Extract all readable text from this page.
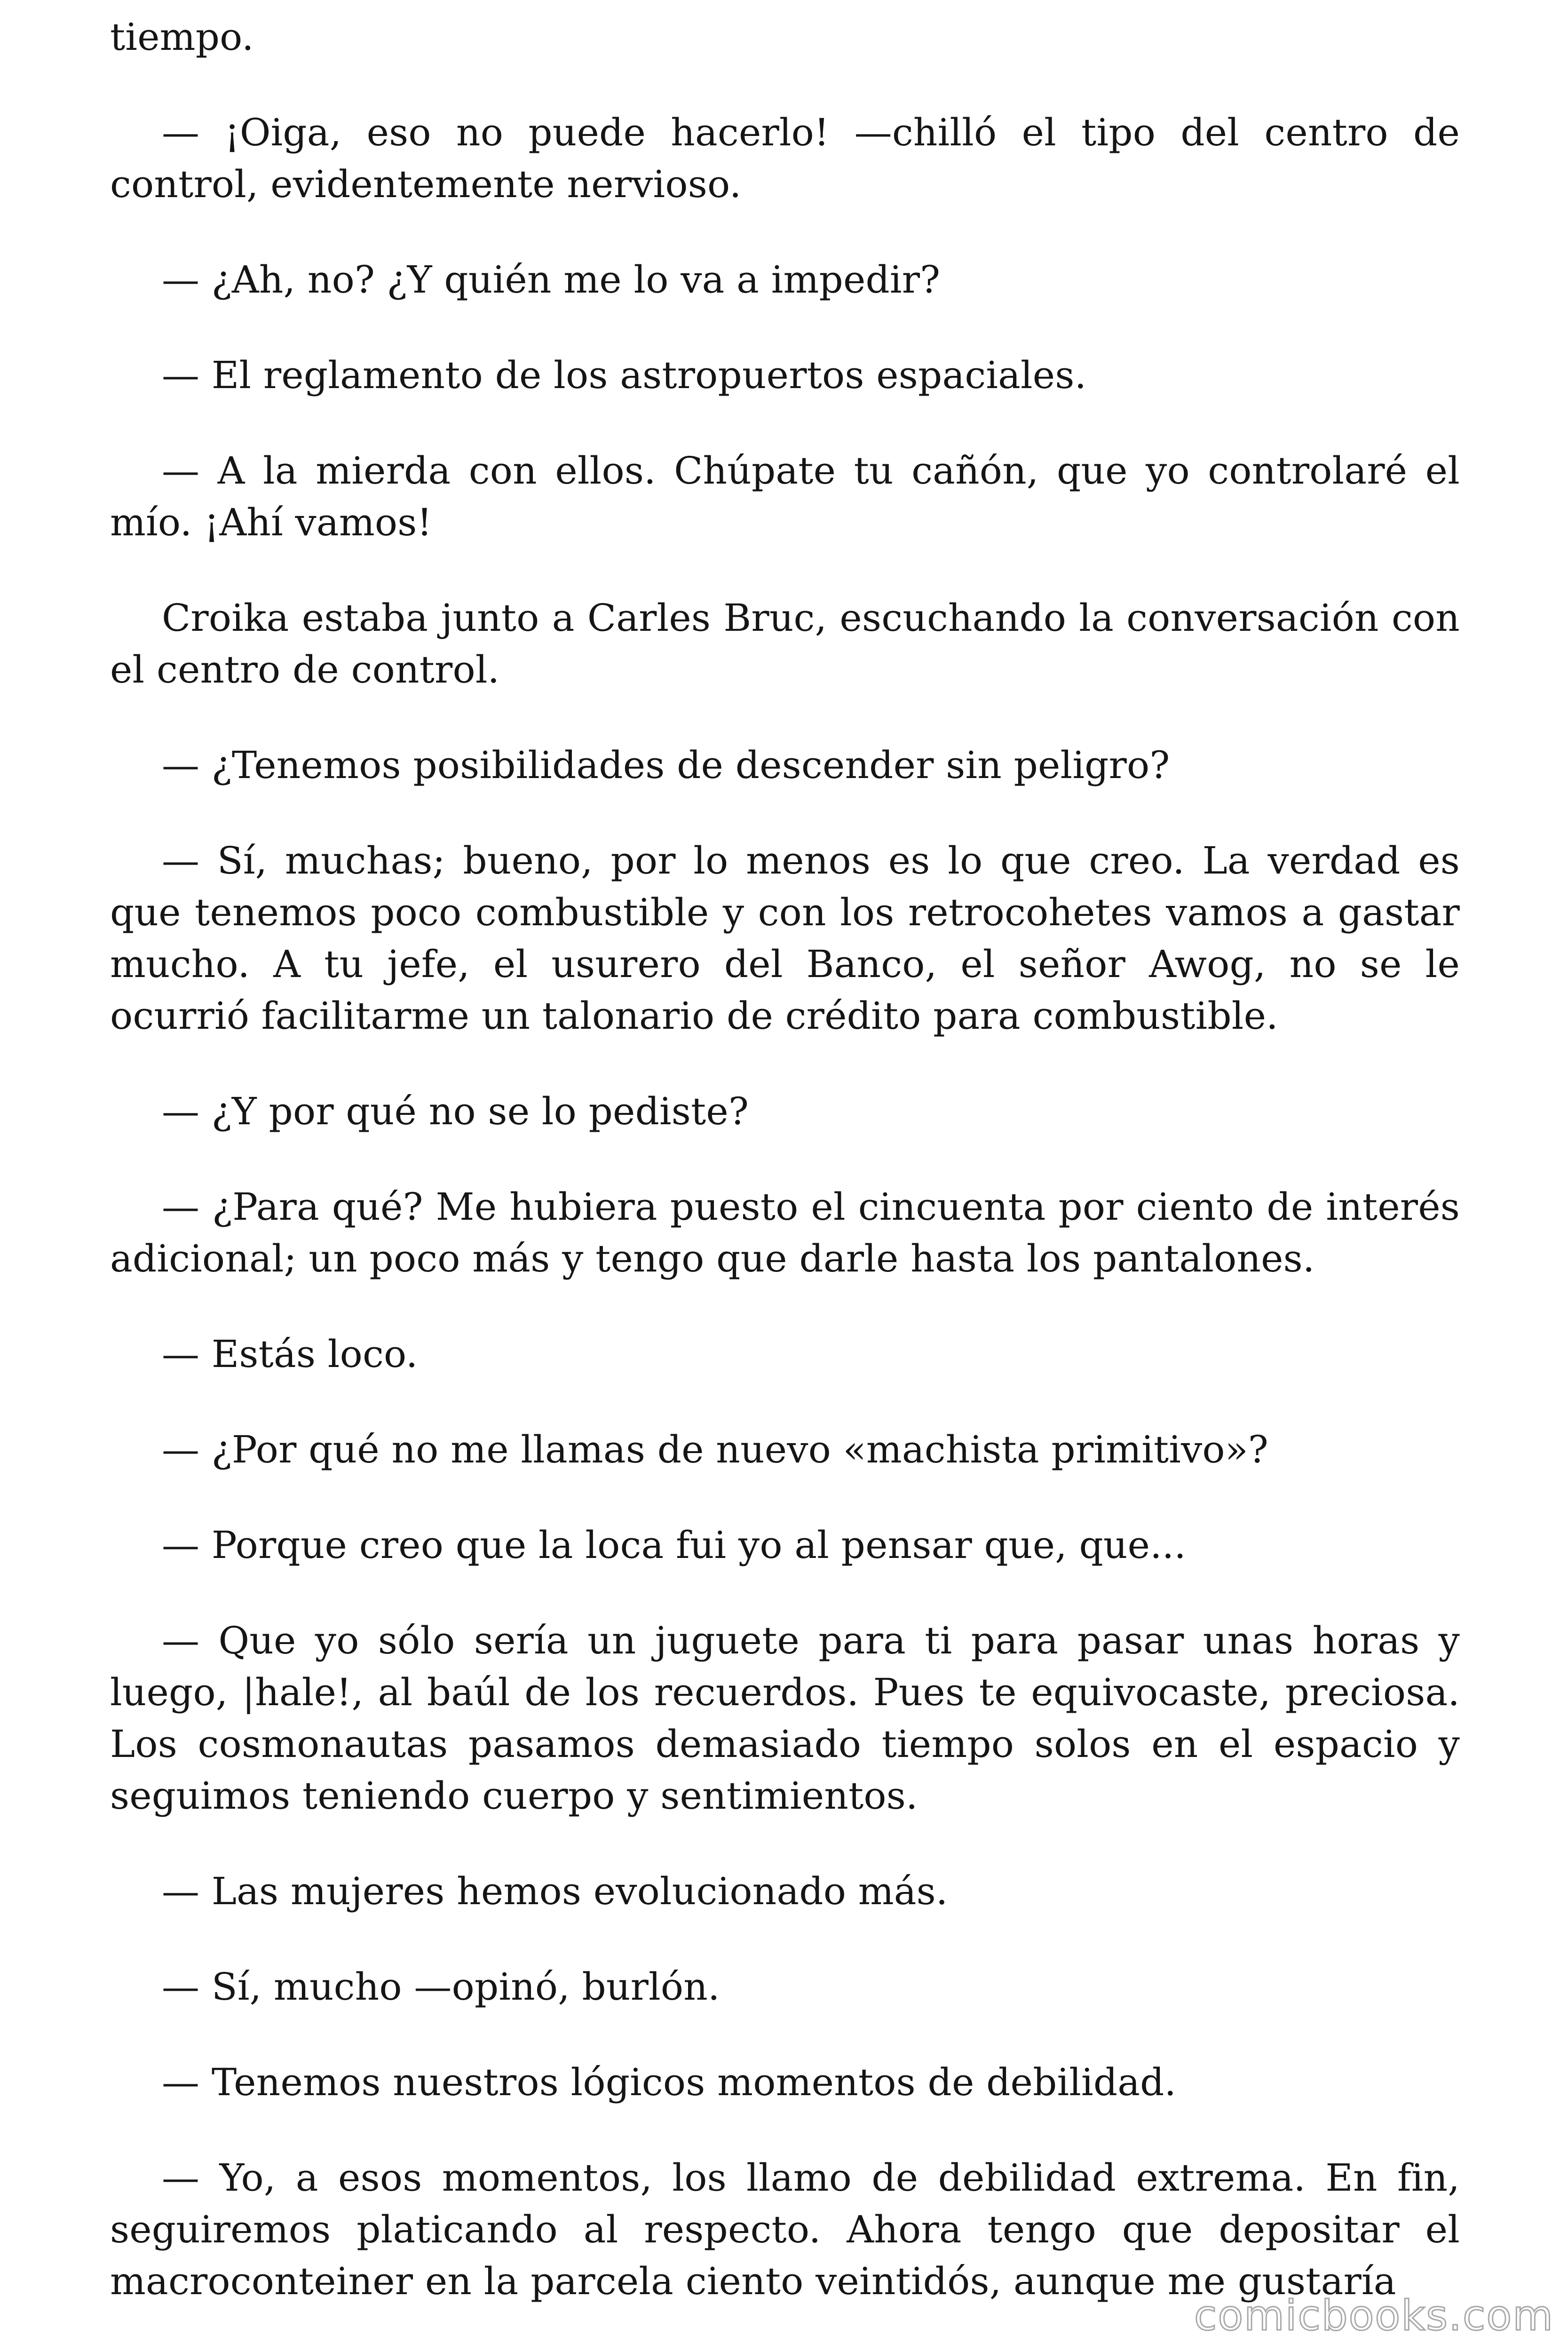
tiempo.

— ¡Oiga, eso no puede hacerlo! —chilló el tipo del centro de control, evidentemente nervioso.

— ¿Ah, no? ¿Y quién me lo va a impedir?

— El reglamento de los astropuertos espaciales.

— A la mierda con ellos. Chúpate tu cañón, que yo controlaré el mío. ¡Ahí vamos!

Croika estaba junto a Carles Bruc, escuchando la conversación con el centro de control.

— ¿Tenemos posibilidades de descender sin peligro?

— Sí, muchas; bueno, por lo menos es lo que creo. La verdad es que tenemos poco combustible y con los retrocohetes vamos a gastar mucho. A tu jefe, el usurero del Banco, el señor Awog, no se le ocurrió facilitarme un talonario de crédito para combustible.

— ¿Y por qué no se lo pediste?

— ¿Para qué? Me hubiera puesto el cincuenta por ciento de interés adicional; un poco más y tengo que darle hasta los pantalones.

— Estás loco.

— ¿Por qué no me llamas de nuevo «machista primitivo»?

— Porque creo que la loca fui yo al pensar que, que...

— Que yo sólo sería un juguete para ti para pasar unas horas y luego, |hale!, al baúl de los recuerdos. Pues te equivocaste, preciosa. Los cosmonautas pasamos demasiado tiempo solos en el espacio y seguimos teniendo cuerpo y sentimientos.

— Las mujeres hemos evolucionado más.

— Sí, mucho —opinó, burlón.

— Tenemos nuestros lógicos momentos de debilidad.

— Yo, a esos momentos, los llamo de debilidad extrema. En fin, seguiremos platicando al respecto. Ahora tengo que depositar el macroconteiner en la parcela ciento veintidós, aunque me gustaría

comicbooks.com
